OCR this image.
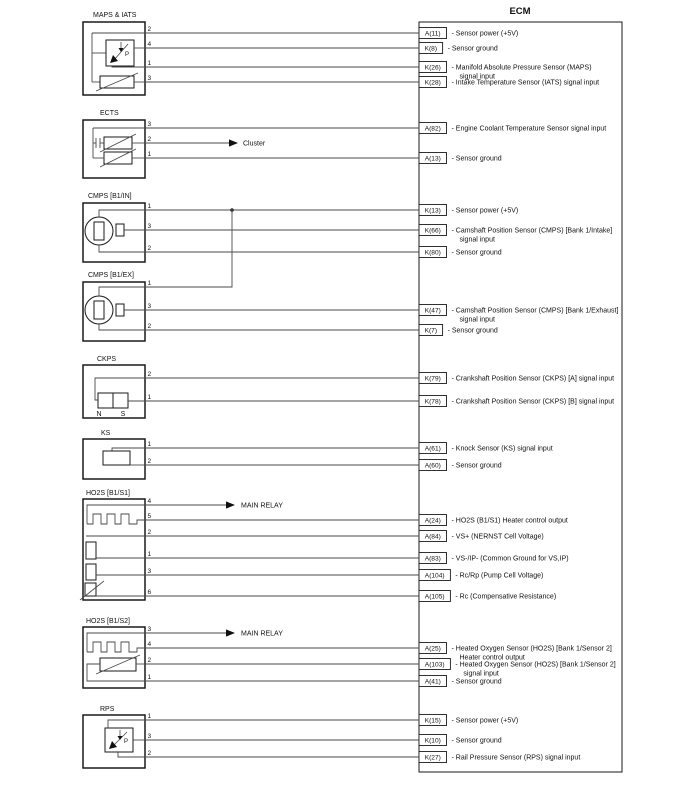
ECM
A(11) - Sensor power (+5V)
K(8) - Sensor ground
K(26) - Manifold Absolute Pressure Sensor (MAPS)
signal input
K(28) - Intake Temperature Sensor (IATS) signal input
A(82) - Engine Coolant Temperature Sensor signal input
A(13) - Sensor ground
K(13) - Sensor power (+5V)
K(66) - Camshaft Position Sensor (CMPS) [Bank 1/Intake]
signal input
K(80) - Sensor ground
K(47) - Camshaft Position Sensor (CMPS) [Bank 1/Exhaust]
signal input
K(7) - Sensor ground
K(79) - Crankshaft Position Sensor (CKPS) [A] signal input
K(78) - Crankshaft Position Sensor (CKPS) [B] signal input
A(61) - Knock Sensor (KS) signal input
A(60) - Sensor ground
A(24) - HO2S (B1/S1) Heater control output
A(84) - VS+ (NERNST Cell Voltage)
A(83) - VS-/IP- (Common Ground for VS,IP)
A(104) - Rc/Rp (Pump Cell Voltage)
A(105) - Rc (Compensative Resistance)
A(25) - Heated Oxygen Sensor (HO2S) [Bank 1/Sensor 2]
Heater control output
A(103) - Heated Oxygen Sensor (HO2S) [Bank 1/Sensor 2]
signal input
A(41) - Sensor ground
K(15) - Sensor power (+5V)
K(10) - Sensor ground
K(27) - Rail Pressure Sensor (RPS) signal input
MAPS & IATS
P
2
4
1
3
ECTS
3
2
Cluster
1
CMPS [B1/IN]
1
3
2
CMPS [B1/EX]
1
3
2
CKPS
N	S
2
1
KS
1
2
HO2S [B1/S1]
4
MAIN RELAY
5
2
1
3
6
HO2S [B1/S2]
3
MAIN RELAY
4
2
1
RPS
P
1
3
2
